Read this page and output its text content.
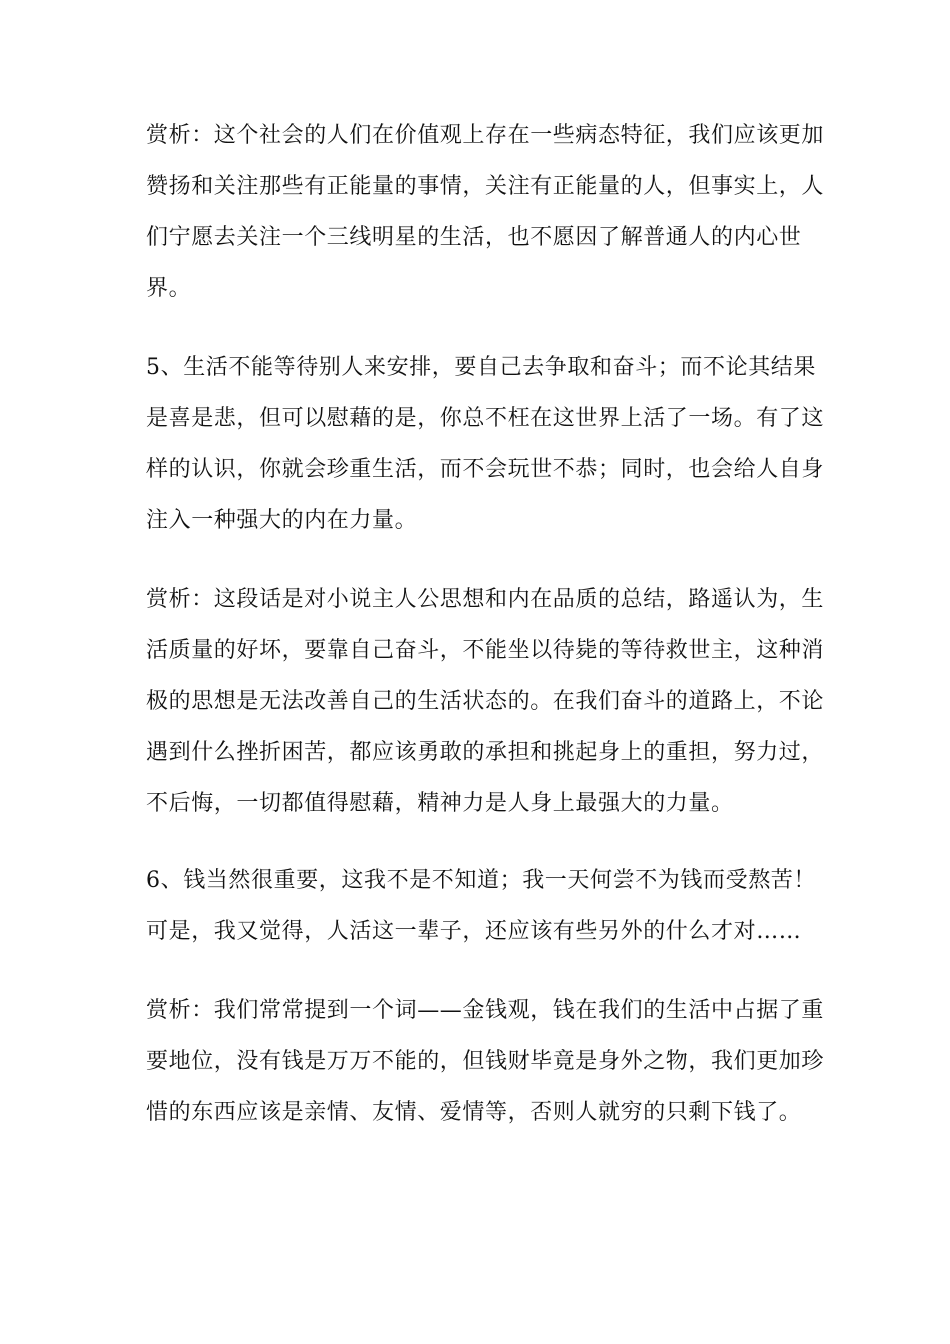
赏析：这个社会的人们在价值观上存在一些病态特征，我们应该更加
赞扬和关注那些有正能量的事情，关注有正能量的人，但事实上，人
们宁愿去关注一个三线明星的生活，也不愿因了解普通人的内心世
界。

5、生活不能等待别人来安排，要自己去争取和奋斗；而不论其结果
是喜是悲，但可以慰藉的是，你总不枉在这世界上活了一场。有了这
样的认识，你就会珍重生活，而不会玩世不恭；同时，也会给人自身
注入一种强大的内在力量。

赏析：这段话是对小说主人公思想和内在品质的总结，路遥认为，生
活质量的好坏，要靠自己奋斗，不能坐以待毙的等待救世主，这种消
极的思想是无法改善自己的生活状态的。在我们奋斗的道路上，不论
遇到什么挫折困苦，都应该勇敢的承担和挑起身上的重担，努力过，
不后悔，一切都值得慰藉，精神力是人身上最强大的力量。

6、钱当然很重要，这我不是不知道；我一天何尝不为钱而受熬苦！
可是，我又觉得，人活这一辈子，还应该有些另外的什么才对……

赏析：我们常常提到一个词——金钱观，钱在我们的生活中占据了重
要地位，没有钱是万万不能的，但钱财毕竟是身外之物，我们更加珍
惜的东西应该是亲情、友情、爱情等，否则人就穷的只剩下钱了。
